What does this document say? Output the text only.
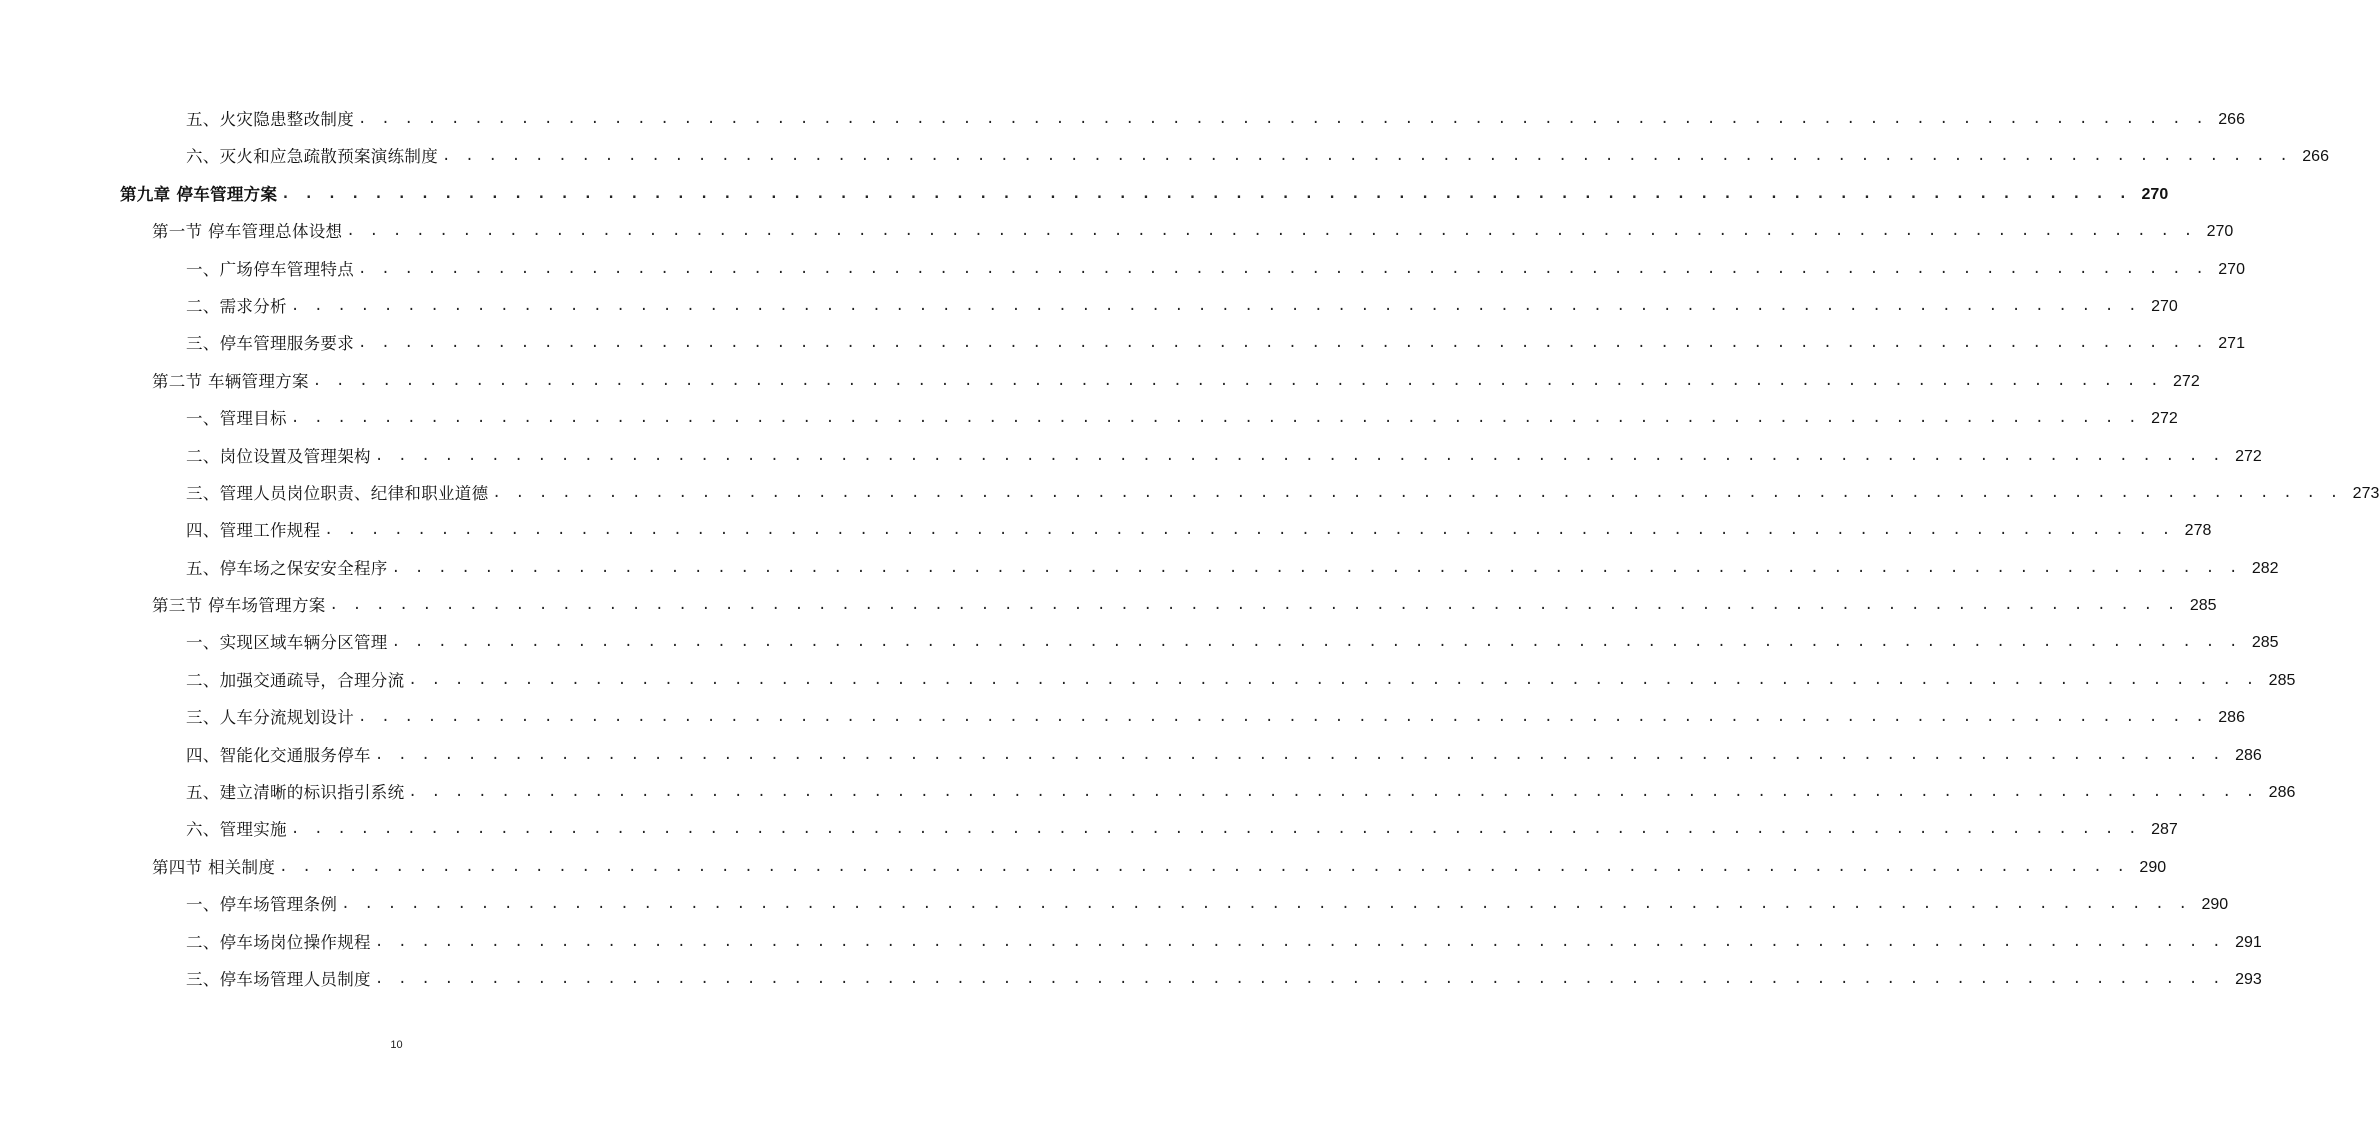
五、火灾隐患整改制度 . . . . . . . . . . . . . . . . . . . . . . . . . . . . . . . . . . . . . . . . . . . . . . . . . . . . . . . . . . . . . . . . . . . . . . . . . . . . . . . . 266
六、灭火和应急疏散预案演练制度 . . . . . . . . . . . . . . . . . . . . . . . . . . . . . . . . . . . . . . . . . . . . . . . . . . . . . . . . . . . . . . . . . . . . . . . . . . . . . . . . 266
第九章 停车管理方案 . . . . . . . . . . . . . . . . . . . . . . . . . . . . . . . . . . . . . . . . . . . . . . . . . . . . . . . . . . . . . . . . . . . . . . . . . . . . . . . . 270
第一节 停车管理总体设想 . . . . . . . . . . . . . . . . . . . . . . . . . . . . . . . . . . . . . . . . . . . . . . . . . . . . . . . . . . . . . . . . . . . . . . . . . . . . . . . . 270
一、广场停车管理特点 . . . . . . . . . . . . . . . . . . . . . . . . . . . . . . . . . . . . . . . . . . . . . . . . . . . . . . . . . . . . . . . . . . . . . . . . . . . . . . . . 270
二、需求分析 . . . . . . . . . . . . . . . . . . . . . . . . . . . . . . . . . . . . . . . . . . . . . . . . . . . . . . . . . . . . . . . . . . . . . . . . . . . . . . . . 270
三、停车管理服务要求 . . . . . . . . . . . . . . . . . . . . . . . . . . . . . . . . . . . . . . . . . . . . . . . . . . . . . . . . . . . . . . . . . . . . . . . . . . . . . . . . 271
第二节 车辆管理方案 . . . . . . . . . . . . . . . . . . . . . . . . . . . . . . . . . . . . . . . . . . . . . . . . . . . . . . . . . . . . . . . . . . . . . . . . . . . . . . . . 272
一、管理目标 . . . . . . . . . . . . . . . . . . . . . . . . . . . . . . . . . . . . . . . . . . . . . . . . . . . . . . . . . . . . . . . . . . . . . . . . . . . . . . . . 272
二、岗位设置及管理架构 . . . . . . . . . . . . . . . . . . . . . . . . . . . . . . . . . . . . . . . . . . . . . . . . . . . . . . . . . . . . . . . . . . . . . . . . . . . . . . . . 272
三、管理人员岗位职责、纪律和职业道德 . . . . . . . . . . . . . . . . . . . . . . . . . . . . . . . . . . . . . . . . . . . . . . . . . . . . . . . . . . . . . . . . . . . . . . . . . . . . . . . . 273
四、管理工作规程 . . . . . . . . . . . . . . . . . . . . . . . . . . . . . . . . . . . . . . . . . . . . . . . . . . . . . . . . . . . . . . . . . . . . . . . . . . . . . . . . 278
五、停车场之保安安全程序 . . . . . . . . . . . . . . . . . . . . . . . . . . . . . . . . . . . . . . . . . . . . . . . . . . . . . . . . . . . . . . . . . . . . . . . . . . . . . . . . 282
第三节 停车场管理方案 . . . . . . . . . . . . . . . . . . . . . . . . . . . . . . . . . . . . . . . . . . . . . . . . . . . . . . . . . . . . . . . . . . . . . . . . . . . . . . . . 285
一、实现区域车辆分区管理 . . . . . . . . . . . . . . . . . . . . . . . . . . . . . . . . . . . . . . . . . . . . . . . . . . . . . . . . . . . . . . . . . . . . . . . . . . . . . . . . 285
二、加强交通疏导，合理分流 . . . . . . . . . . . . . . . . . . . . . . . . . . . . . . . . . . . . . . . . . . . . . . . . . . . . . . . . . . . . . . . . . . . . . . . . . . . . . . . . 285
三、人车分流规划设计 . . . . . . . . . . . . . . . . . . . . . . . . . . . . . . . . . . . . . . . . . . . . . . . . . . . . . . . . . . . . . . . . . . . . . . . . . . . . . . . . 286
四、智能化交通服务停车 . . . . . . . . . . . . . . . . . . . . . . . . . . . . . . . . . . . . . . . . . . . . . . . . . . . . . . . . . . . . . . . . . . . . . . . . . . . . . . . . 286
五、建立清晰的标识指引系统 . . . . . . . . . . . . . . . . . . . . . . . . . . . . . . . . . . . . . . . . . . . . . . . . . . . . . . . . . . . . . . . . . . . . . . . . . . . . . . . . 286
六、管理实施 . . . . . . . . . . . . . . . . . . . . . . . . . . . . . . . . . . . . . . . . . . . . . . . . . . . . . . . . . . . . . . . . . . . . . . . . . . . . . . . . 287
第四节 相关制度 . . . . . . . . . . . . . . . . . . . . . . . . . . . . . . . . . . . . . . . . . . . . . . . . . . . . . . . . . . . . . . . . . . . . . . . . . . . . . . . . 290
一、停车场管理条例 . . . . . . . . . . . . . . . . . . . . . . . . . . . . . . . . . . . . . . . . . . . . . . . . . . . . . . . . . . . . . . . . . . . . . . . . . . . . . . . . 290
二、停车场岗位操作规程 . . . . . . . . . . . . . . . . . . . . . . . . . . . . . . . . . . . . . . . . . . . . . . . . . . . . . . . . . . . . . . . . . . . . . . . . . . . . . . . . 291
三、停车场管理人员制度 . . . . . . . . . . . . . . . . . . . . . . . . . . . . . . . . . . . . . . . . . . . . . . . . . . . . . . . . . . . . . . . . . . . . . . . . . . . . . . . . 293
10
